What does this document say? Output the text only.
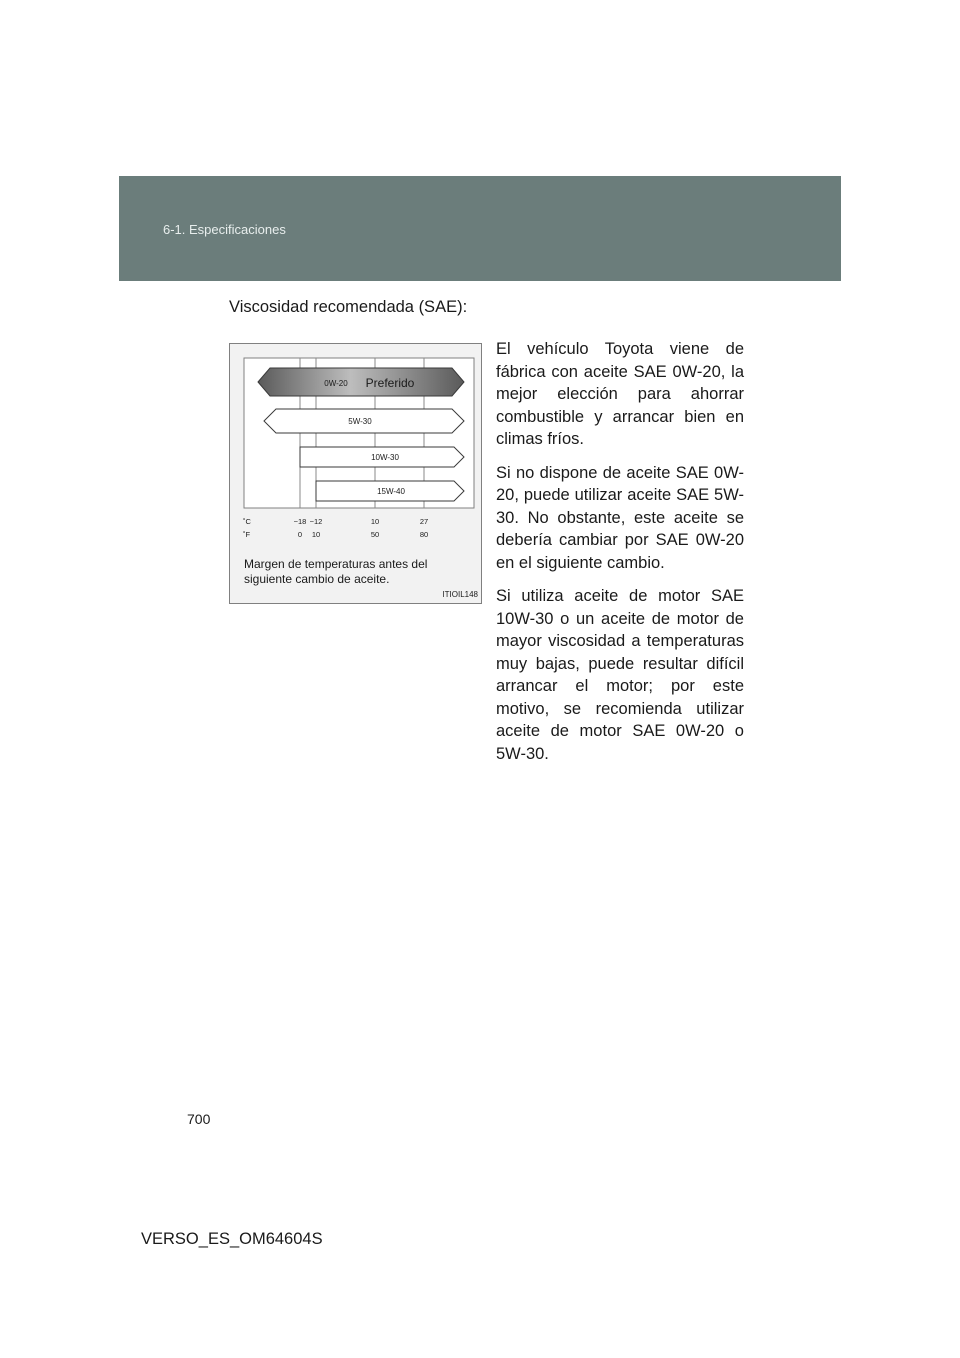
6-1. Especificaciones
Viscosidad recomendada (SAE):
0W-20 Preferido
5W-30
10W-30
15W-40
˚C
˚F
−18 −12	10	27
0 10	50	80
Margen de temperaturas antes del siguiente cambio de aceite.
ITIOIL148

El vehículo Toyota viene de fábrica con aceite SAE 0W-20, la mejor elección para ahorrar combustible y arrancar bien en climas fríos.

Si no dispone de aceite SAE 0W-20, puede utilizar aceite SAE 5W-30. No obstante, este aceite se debería cambiar por SAE 0W-20 en el siguiente cambio.

Si utiliza aceite de motor SAE 10W-30 o un aceite de motor de mayor viscosidad a temperaturas muy bajas, puede resultar difícil arrancar el motor; por este motivo, se recomienda utilizar aceite de motor SAE 0W-20 o 5W-30.

700
VERSO_ES_OM64604S
